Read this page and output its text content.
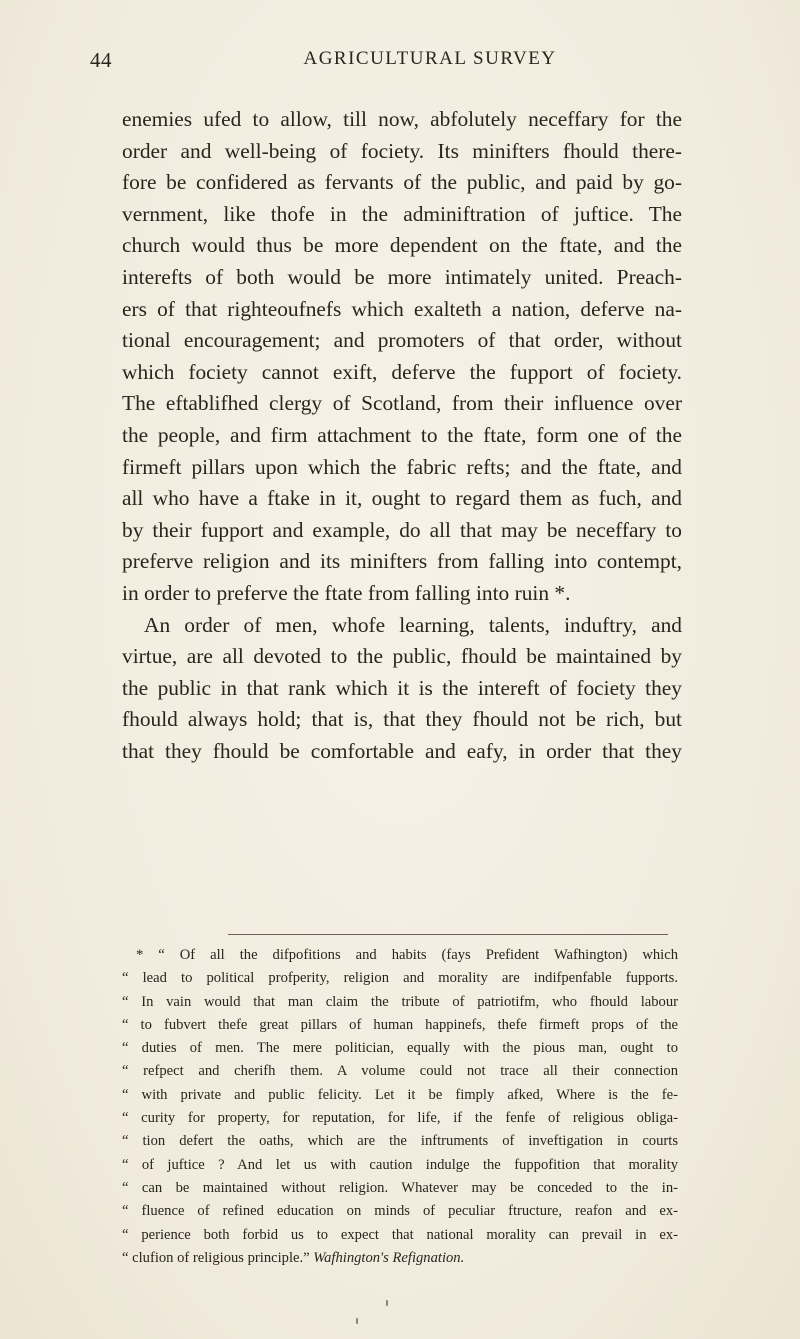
44	AGRICULTURAL SURVEY

enemies ufed to allow, till now, abfolutely neceffary for the

order and well-being of fociety. Its minifters fhould there-

fore be confidered as fervants of the public, and paid by go-

vernment, like thofe in the adminiftration of juftice. The

church would thus be more dependent on the ftate, and the

interefts of both would be more intimately united. Preach-

ers of that righteoufnefs which exalteth a nation, deferve na-

tional encouragement; and promoters of that order, without

which fociety cannot exift, deferve the fupport of fociety.

The eftablifhed clergy of Scotland, from their influence over

the people, and firm attachment to the ftate, form one of the

firmeft pillars upon which the fabric refts; and the ftate, and

all who have a ftake in it, ought to regard them as fuch, and

by their fupport and example, do all that may be neceffary to

preferve religion and its minifters from falling into contempt,

in order to preferve the ftate from falling into ruin *.

An order of men, whofe learning, talents, induftry, and

virtue, are all devoted to the public, fhould be maintained by

the public in that rank which it is the intereft of fociety they

fhould always hold; that is, that they fhould not be rich, but

that they fhould be comfortable and eafy, in order that they

* “ Of all the difpofitions and habits (fays Prefident Wafhington) which

“ lead to political profperity, religion and morality are indifpenfable fupports.

“ In vain would that man claim the tribute of patriotifm, who fhould labour

“ to fubvert thefe great pillars of human happinefs, thefe firmeft props of the

“ duties of men. The mere politician, equally with the pious man, ought to

“ refpect and cherifh them. A volume could not trace all their connection

“ with private and public felicity. Let it be fimply afked, Where is the fe-

“ curity for property, for reputation, for life, if the fenfe of religious obliga-

“ tion defert the oaths, which are the inftruments of inveftigation in courts

“ of juftice ? And let us with caution indulge the fuppofition that morality

“ can be maintained without religion. Whatever may be conceded to the in-

“ fluence of refined education on minds of peculiar ftructure, reafon and ex-

“ perience both forbid us to expect that national morality can prevail in ex-

“ clufion of religious principle.” Wafhington's Refignation.
